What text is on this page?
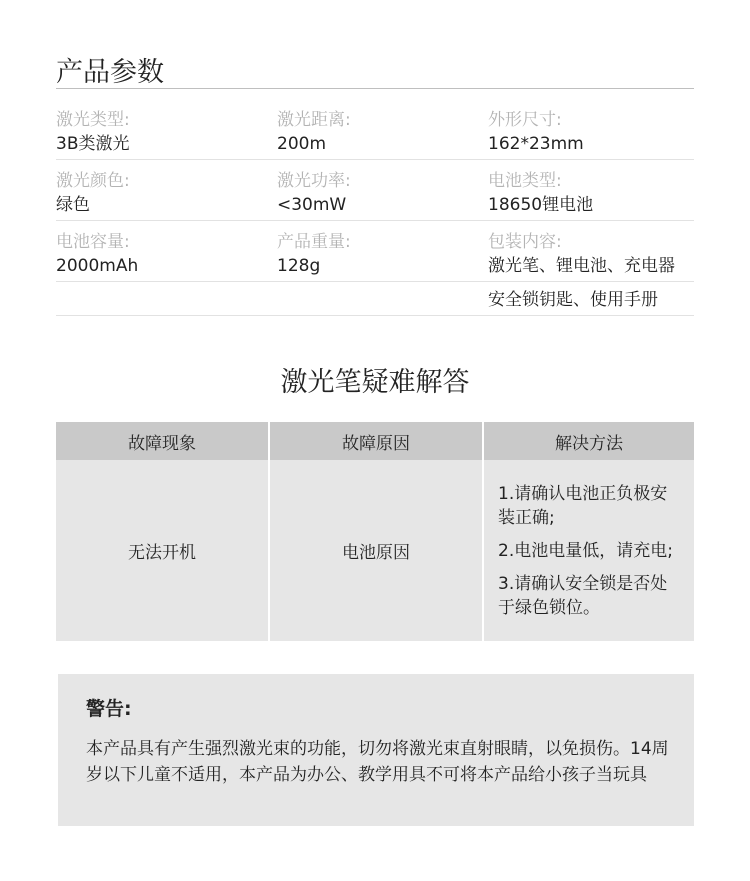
产品参数
激光类型:
3B类激光
激光距离:
200m
外形尺寸:
162*23mm
激光颜色:
绿色
激光功率:
<30mW
电池类型:
18650锂电池
电池容量:
2000mAh
产品重量:
128g
包装内容:
激光笔、锂电池、充电器
安全锁钥匙、使用手册
激光笔疑难解答
故障现象	故障原因	解决方法
无法开机	电池原因	1.请确认电池正负极安装正确;

2.电池电量低，请充电;

3.请确认安全锁是否处于绿色锁位。

警告:
本产品具有产生强烈激光束的功能，切勿将激光束直射眼睛，以免损伤。14周岁以下儿童不适用，本产品为办公、教学用具不可将本产品给小孩子当玩具
